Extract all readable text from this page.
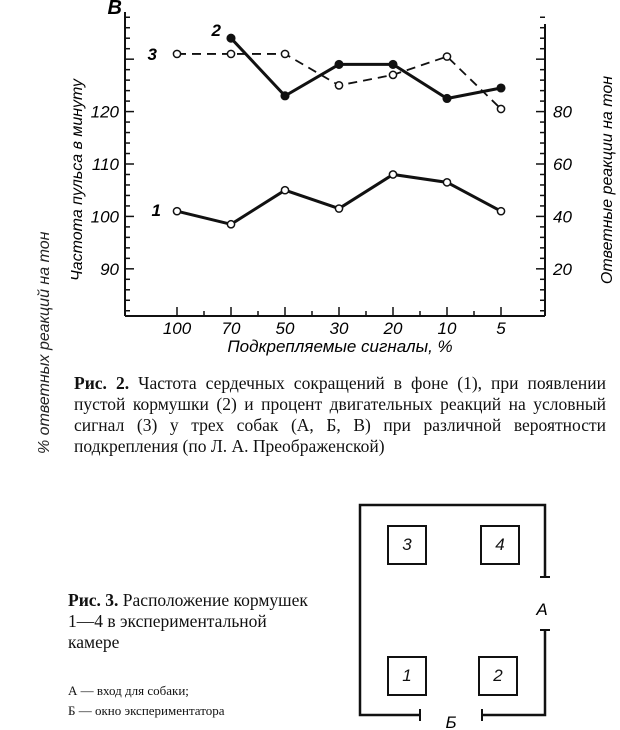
% ответных реакций на тон	90
100
110
120
20
40
60
80
100 70 50 30 20 10 5
Подкрепляемые сигналы, %
Частота пульса в минуту	Ответные реакции на тон
В
1
2
3
Рис. 2. Частота сердечных сокращений в фоне (1), при появлении пустой кормушки (2) и процент двигательных реакций на условный сигнал (3) у трех собак (А, Б, В) при различной вероятности подкрепления (по Л. А. Преображенской)
Рис. 3. Расположение кормушек 1—4 в экспериментальной камере
А — вход для собаки;
Б — окно экспериментатора
А
Б
3	4
1	2
